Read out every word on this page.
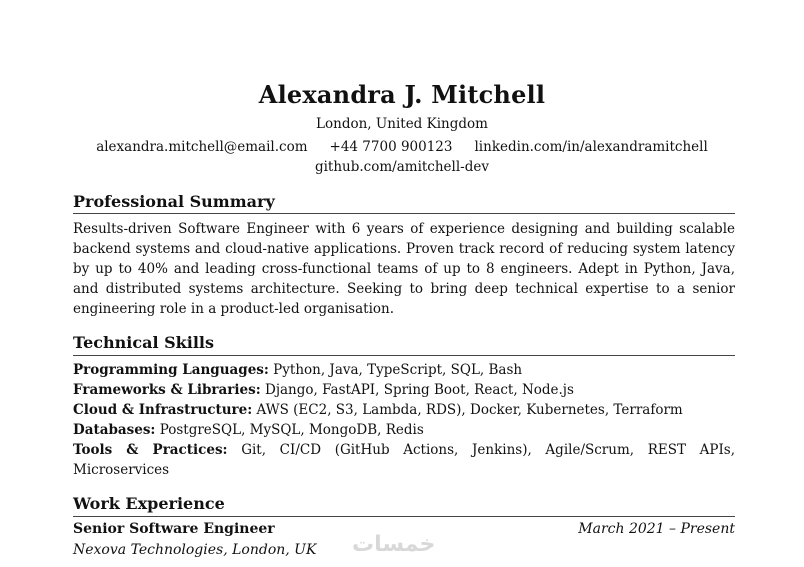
Alexandra J. Mitchell
London, United Kingdom
alexandra.mitchell@email.com +44 7700 900123 linkedin.com/in/alexandramitchell
github.com/amitchell-dev
Professional Summary
Results-driven Software Engineer with 6 years of experience designing and building scalable backend systems and cloud-native applications. Proven track record of reducing system latency by up to 40% and leading cross-functional teams of up to 8 engineers. Adept in Python, Java, and distributed systems architecture. Seeking to bring deep technical expertise to a senior engineering role in a product-led organisation.
Technical Skills
Programming Languages: Python, Java, TypeScript, SQL, Bash
Frameworks & Libraries: Django, FastAPI, Spring Boot, React, Node.js
Cloud & Infrastructure: AWS (EC2, S3, Lambda, RDS), Docker, Kubernetes, Terraform
Databases: PostgreSQL, MySQL, MongoDB, Redis
Tools & Practices: Git, CI/CD (GitHub Actions, Jenkins), Agile/Scrum, REST APIs, Microservices
Work Experience
Senior Software Engineer	March 2021 – Present
Nexova Technologies, London, UK خمسات
